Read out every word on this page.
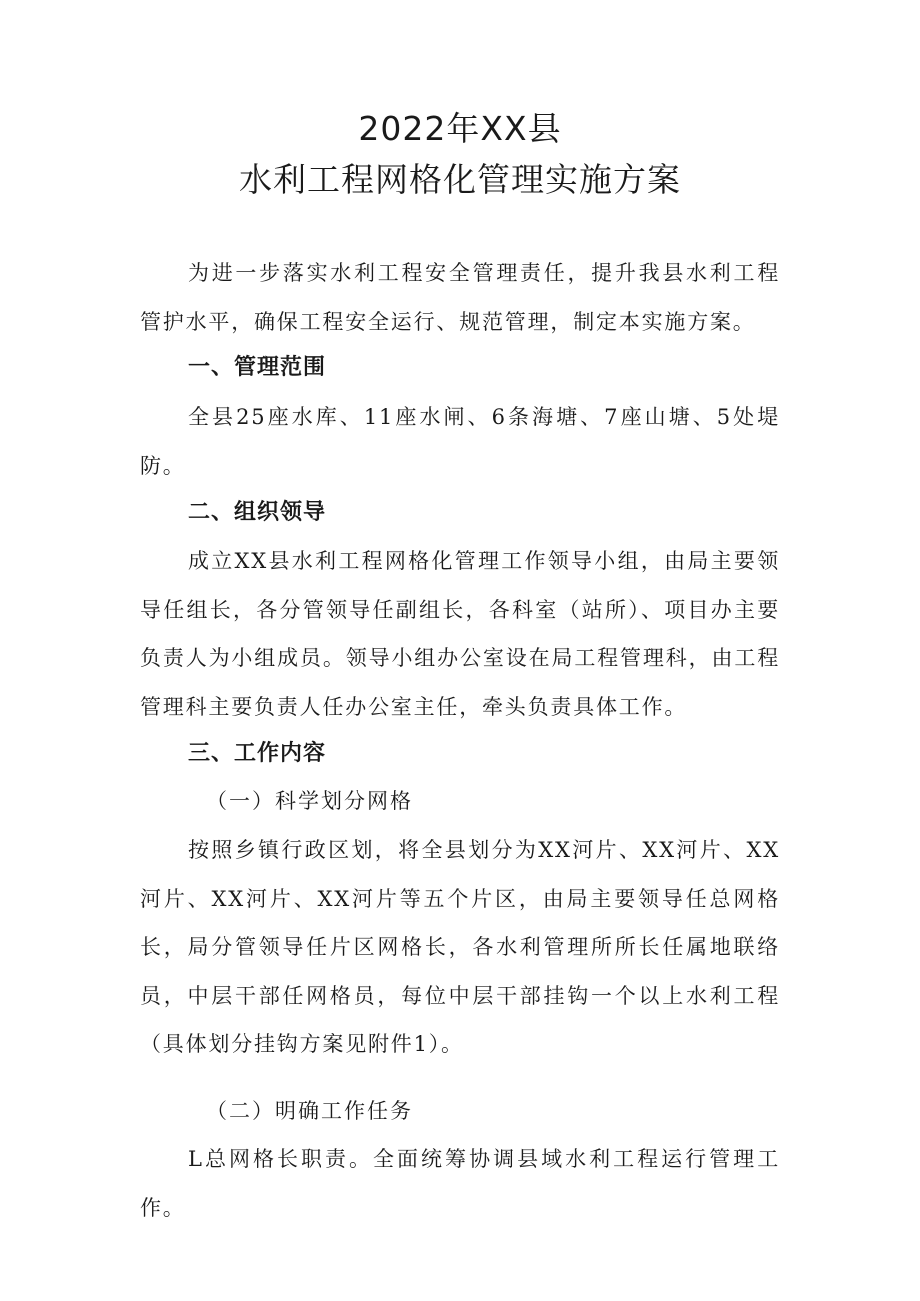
2022年XX县
水利工程网格化管理实施方案

为进一步落实水利工程安全管理责任，提升我县水利工程管护水平，确保工程安全运行、规范管理，制定本实施方案。

一、管理范围

全县25座水库、11座水闸、6条海塘、7座山塘、5处堤防。

二、组织领导

成立XX县水利工程网格化管理工作领导小组，由局主要领导任组长，各分管领导任副组长，各科室（站所）、项目办主要负责人为小组成员。领导小组办公室设在局工程管理科，由工程管理科主要负责人任办公室主任，牵头负责具体工作。

三、工作内容

（一）科学划分网格

按照乡镇行政区划，将全县划分为XX河片、XX河片、XX河片、XX河片、XX河片等五个片区，由局主要领导任总网格长，局分管领导任片区网格长，各水利管理所所长任属地联络员，中层干部任网格员，每位中层干部挂钩一个以上水利工程（具体划分挂钩方案见附件1）。

（二）明确工作任务

L总网格长职责。全面统筹协调县域水利工程运行管理工作。
